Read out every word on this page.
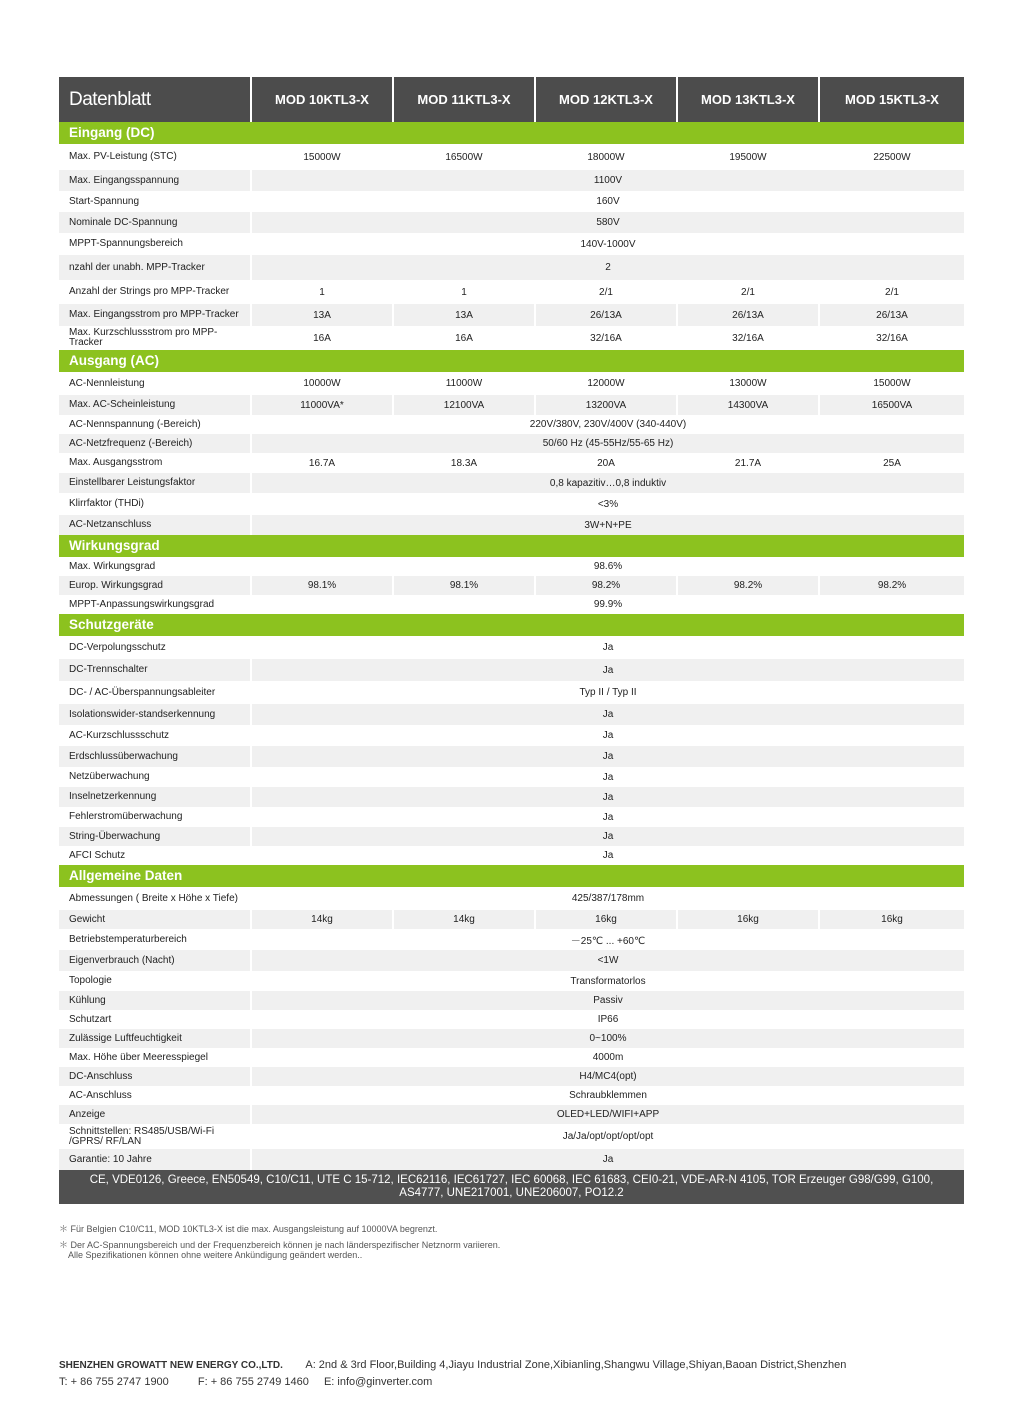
Datenblatt	MOD 10KTL3-X	MOD 11KTL3-X	MOD 12KTL3-X	MOD 13KTL3-X	MOD 15KTL3-X
Eingang (DC)
Max. PV-Leistung (STC)	15000W	16500W	18000W	19500W	22500W
Max. Eingangsspannung	1100V
Start-Spannung	160V
Nominale DC-Spannung	580V
MPPT-Spannungsbereich	140V-1000V
nzahl der unabh. MPP-Tracker	2
Anzahl der Strings pro MPP-Tracker	1	1	2/1	2/1	2/1
Max. Eingangsstrom pro MPP-Tracker	13A	13A	26/13A	26/13A	26/13A
Max. Kurzschlussstrom pro MPP-Tracker	16A	16A	32/16A	32/16A	32/16A
Ausgang (AC)
AC-Nennleistung	10000W	11000W	12000W	13000W	15000W
Max. AC-Scheinleistung	11000VA*	12100VA	13200VA	14300VA	16500VA
AC-Nennspannung (-Bereich)	220V/380V, 230V/400V (340-440V)
AC-Netzfrequenz (-Bereich)	50/60 Hz (45-55Hz/55-65 Hz)
Max. Ausgangsstrom	16.7A	18.3A	20A	21.7A	25A
Einstellbarer Leistungsfaktor	0,8 kapazitiv…0,8 induktiv
Klirrfaktor (THDi)	<3%
AC-Netzanschluss	3W+N+PE
Wirkungsgrad
Max. Wirkungsgrad	98.6%
Europ. Wirkungsgrad	98.1%	98.1%	98.2%	98.2%	98.2%
MPPT-Anpassungswirkungsgrad	99.9%
Schutzgeräte
DC-Verpolungsschutz	Ja
DC-Trennschalter	Ja
DC- / AC-Überspannungsableiter	Typ II / Typ II
Isolationswider-standserkennung	Ja
AC-Kurzschlussschutz	Ja
Erdschlussüberwachung	Ja
Netzüberwachung	Ja
Inselnetzerkennung	Ja
Fehlerstromüberwachung	Ja
String-Überwachung	Ja
AFCI Schutz	Ja
Allgemeine Daten
Abmessungen ( Breite x Höhe x Tiefe)	425/387/178mm
Gewicht	14kg	14kg	16kg	16kg	16kg
Betriebstemperaturbereich	－25℃ ... +60℃
Eigenverbrauch (Nacht)	<1W
Topologie	Transformatorlos
Kühlung	Passiv
Schutzart	IP66
Zulässige Luftfeuchtigkeit	0~100%
Max. Höhe über Meeresspiegel	4000m
DC-Anschluss	H4/MC4(opt)
AC-Anschluss	Schraubklemmen
Anzeige	OLED+LED/WIFI+APP
Schnittstellen: RS485/USB/Wi-Fi /GPRS/ RF/LAN	Ja/Ja/opt/opt/opt/opt
Garantie: 10 Jahre	Ja
CE, VDE0126, Greece, EN50549, C10/C11, UTE C 15-712, IEC62116, IEC61727, IEC 60068, IEC 61683, CEI0-21, VDE-AR-N 4105, TOR Erzeuger G98/G99, G100, AS4777, UNE217001, UNE206007, PO12.2

＊ Für Belgien C10/C11, MOD 10KTL3-X ist die max. Ausgangsleistung auf 10000VA begrenzt.

＊ Der AC-Spannungsbereich und der Frequenzbereich können je nach länderspezifischer Netznorm variieren.

Alle Spezifikationen können ohne weitere Ankündigung geändert werden..

SHENZHEN GROWATT NEW ENERGY CO.,LTD. A: 2nd & 3rd Floor,Building 4,Jiayu Industrial Zone,Xibianling,Shangwu Village,Shiyan,Baoan District,Shenzhen
T: + 86 755 2747 1900	F: + 86 755 2749 1460 E: info@ginverter.com
